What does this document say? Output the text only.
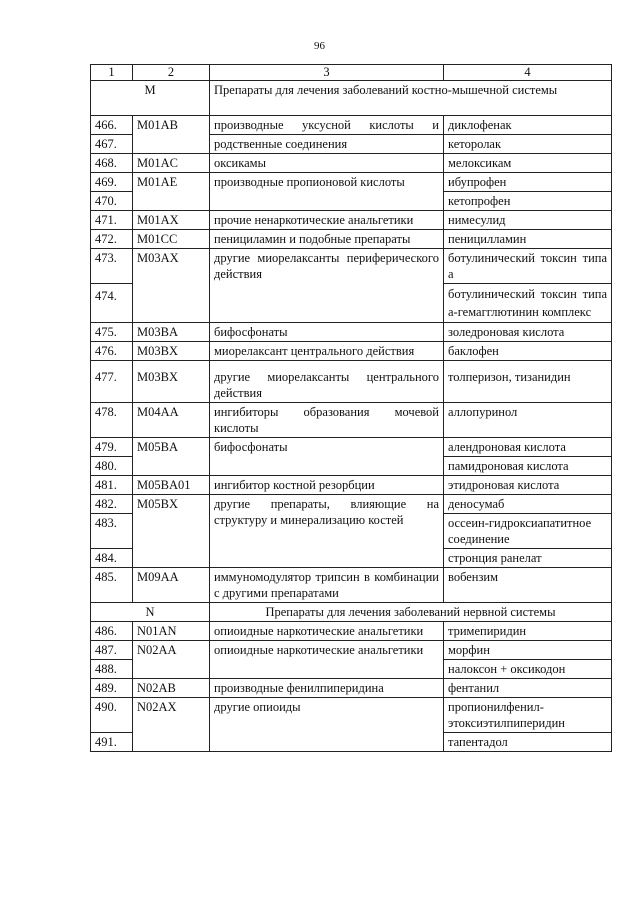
96
1	2	3	4
M		Препараты для лечения заболеваний костно-мышечной системы	
466.	M01AB	производные уксусной кислоты и	диклофенак
467.		родственные соединения	кеторолак
468.	M01AC	оксикамы	мелоксикам
469.	M01AE	производные пропионовой кислоты	ибупрофен
470.			кетопрофен
471.	M01AX	прочие ненаркотические анальгетики	нимесулид
472.	M01CC	пенициламин и подобные препараты	пеницилламин
473.	M03AX	другие миорелаксанты периферического действия	ботулинический токсин типа а
474.			ботулинический токсин типа а-гемагглютинин комплекс
475.	M03BA	бифосфонаты	золедроновая кислота
476.	M03BX	миорелаксант центрального действия	баклофен
477.	M03BX	другие миорелаксанты центрального действия	толперизон, тизанидин
478.	M04AA	ингибиторы образования мочевой кислоты	аллопуринол
479.	M05BA	бифосфонаты	алендроновая кислота
480.			памидроновая кислота
481.	M05BA01	ингибитор костной резорбции	этидроновая кислота
482.	M05BX	другие препараты, влияющие на структуру и минерализацию костей	деносумаб
483.			оссеин-гидроксиапатитное соединение
484.			стронция ранелат
485.	M09AA	иммуномодулятор трипсин в комбинации с другими препаратами	вобензим
N		Препараты для лечения заболеваний нервной системы	
486.	N01AN	опиоидные наркотические анальгетики	тримепиридин
487.	N02AA	опиоидные наркотические анальгетики	морфин
488.			налоксон + оксикодон
489.	N02AB	производные фенилпиперидина	фентанил
490.	N02AX	другие опиоиды	пропионилфенил-этоксиэтилпиперидин
491.			тапентадол
